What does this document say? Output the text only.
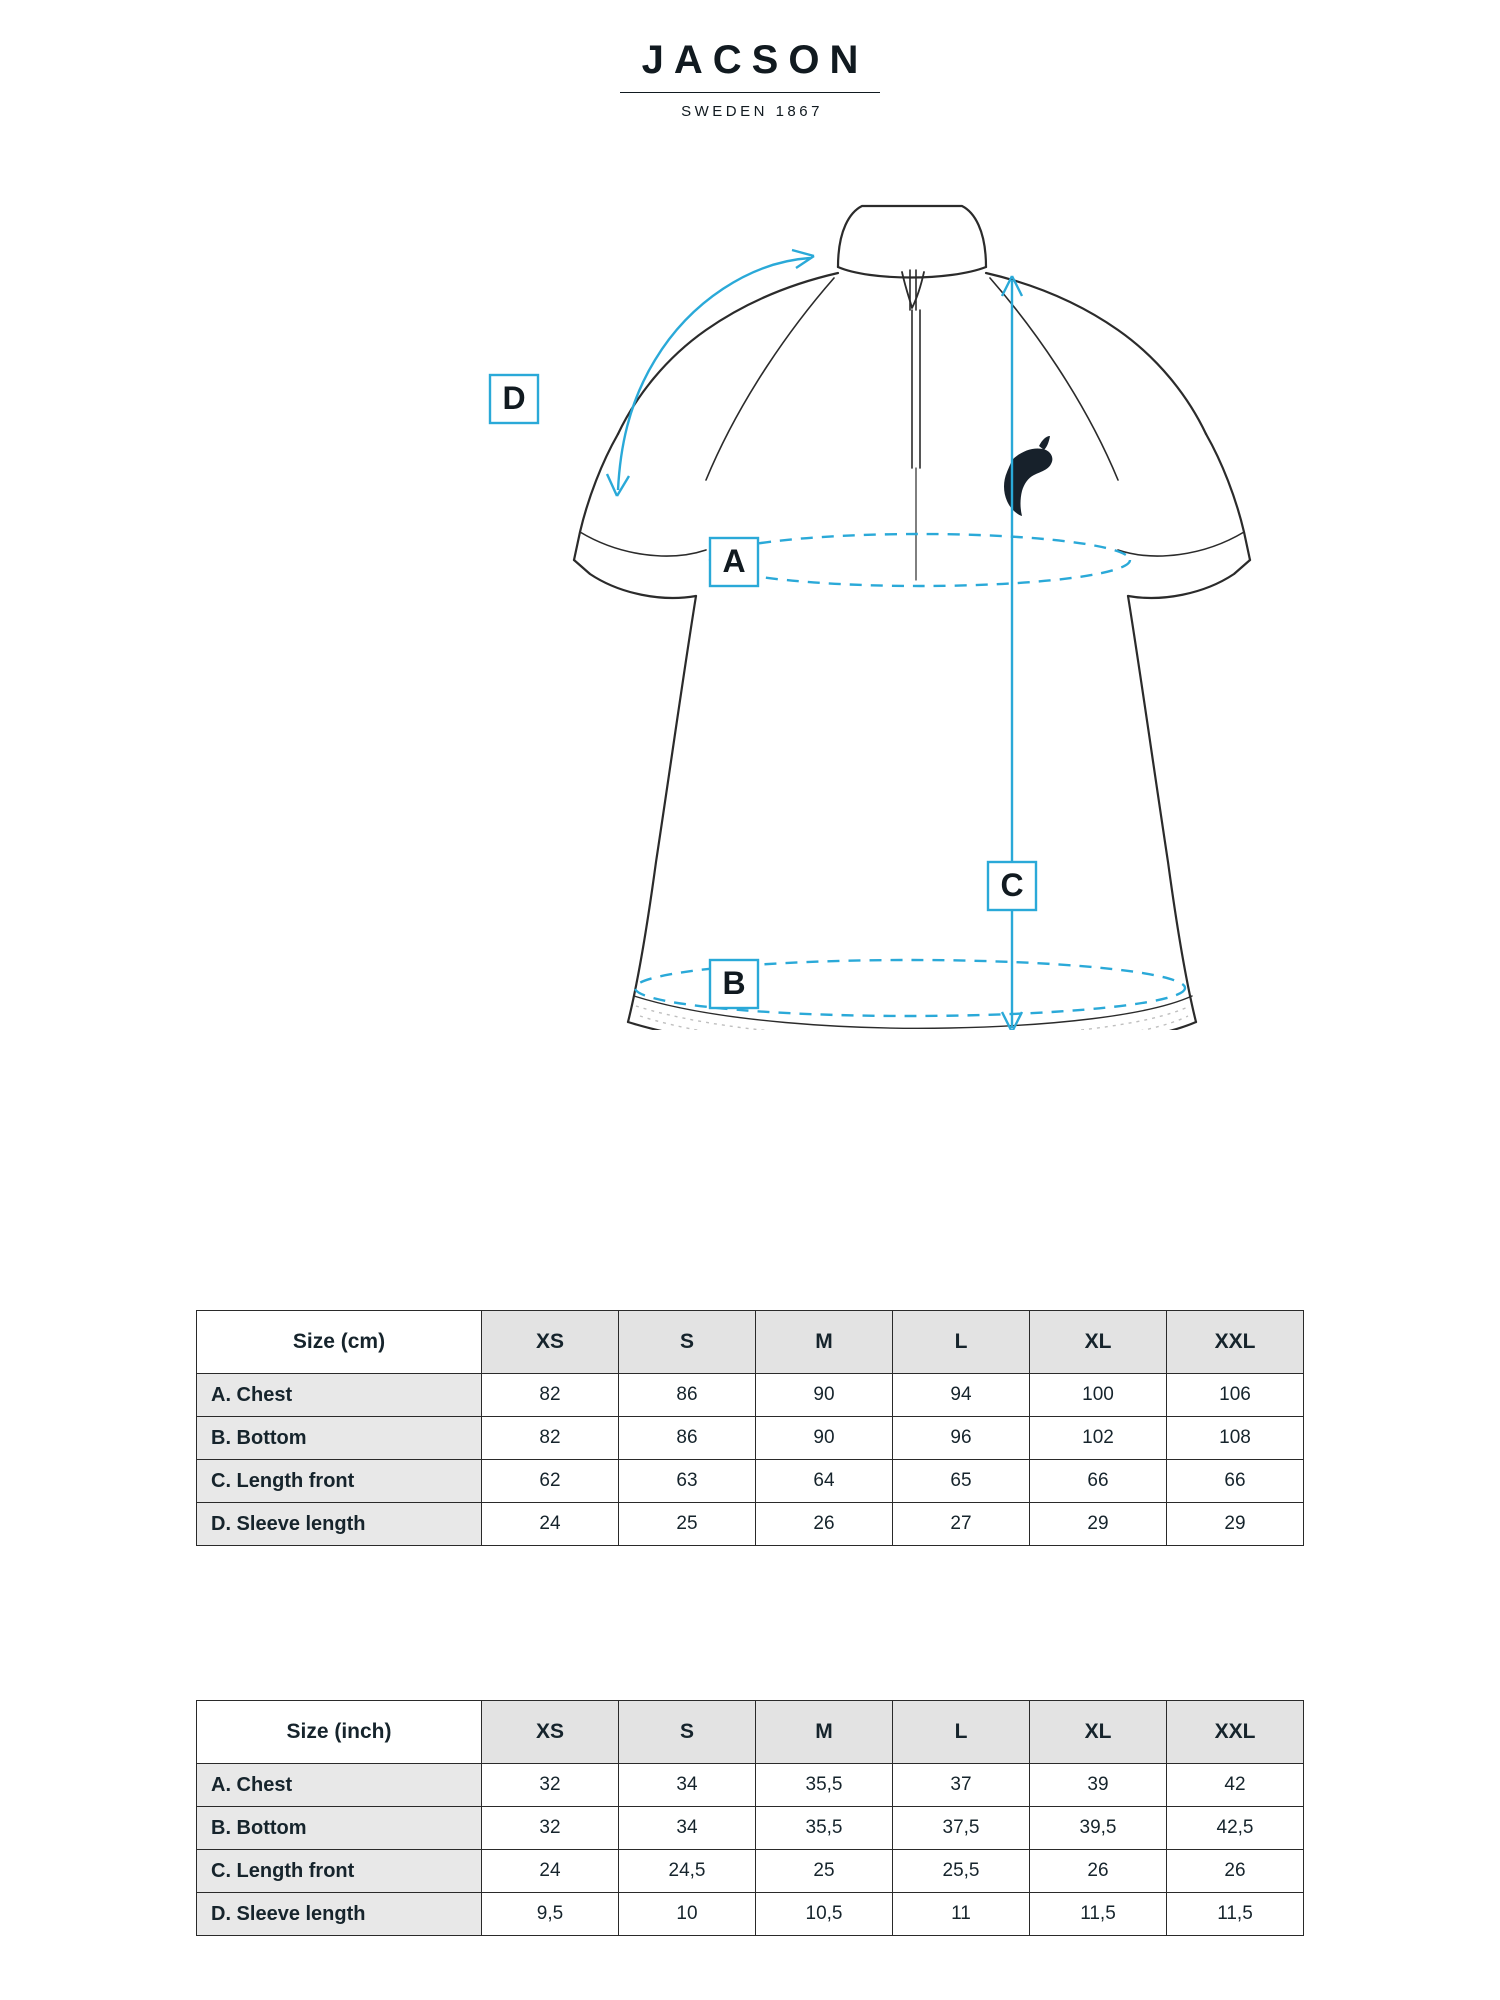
JACSON
SWEDEN 1867
A
B
C
D
Size (cm)	XS	S	M	L	XL	XXL
A. Chest	82	86	90	94	100	106
B. Bottom	82	86	90	96	102	108
C. Length front	62	63	64	65	66	66
D. Sleeve length	24	25	26	27	29	29
Size (inch)	XS	S	M	L	XL	XXL
A. Chest	32	34	35,5	37	39	42
B. Bottom	32	34	35,5	37,5	39,5	42,5
C. Length front	24	24,5	25	25,5	26	26
D. Sleeve length	9,5	10	10,5	11	11,5	11,5
